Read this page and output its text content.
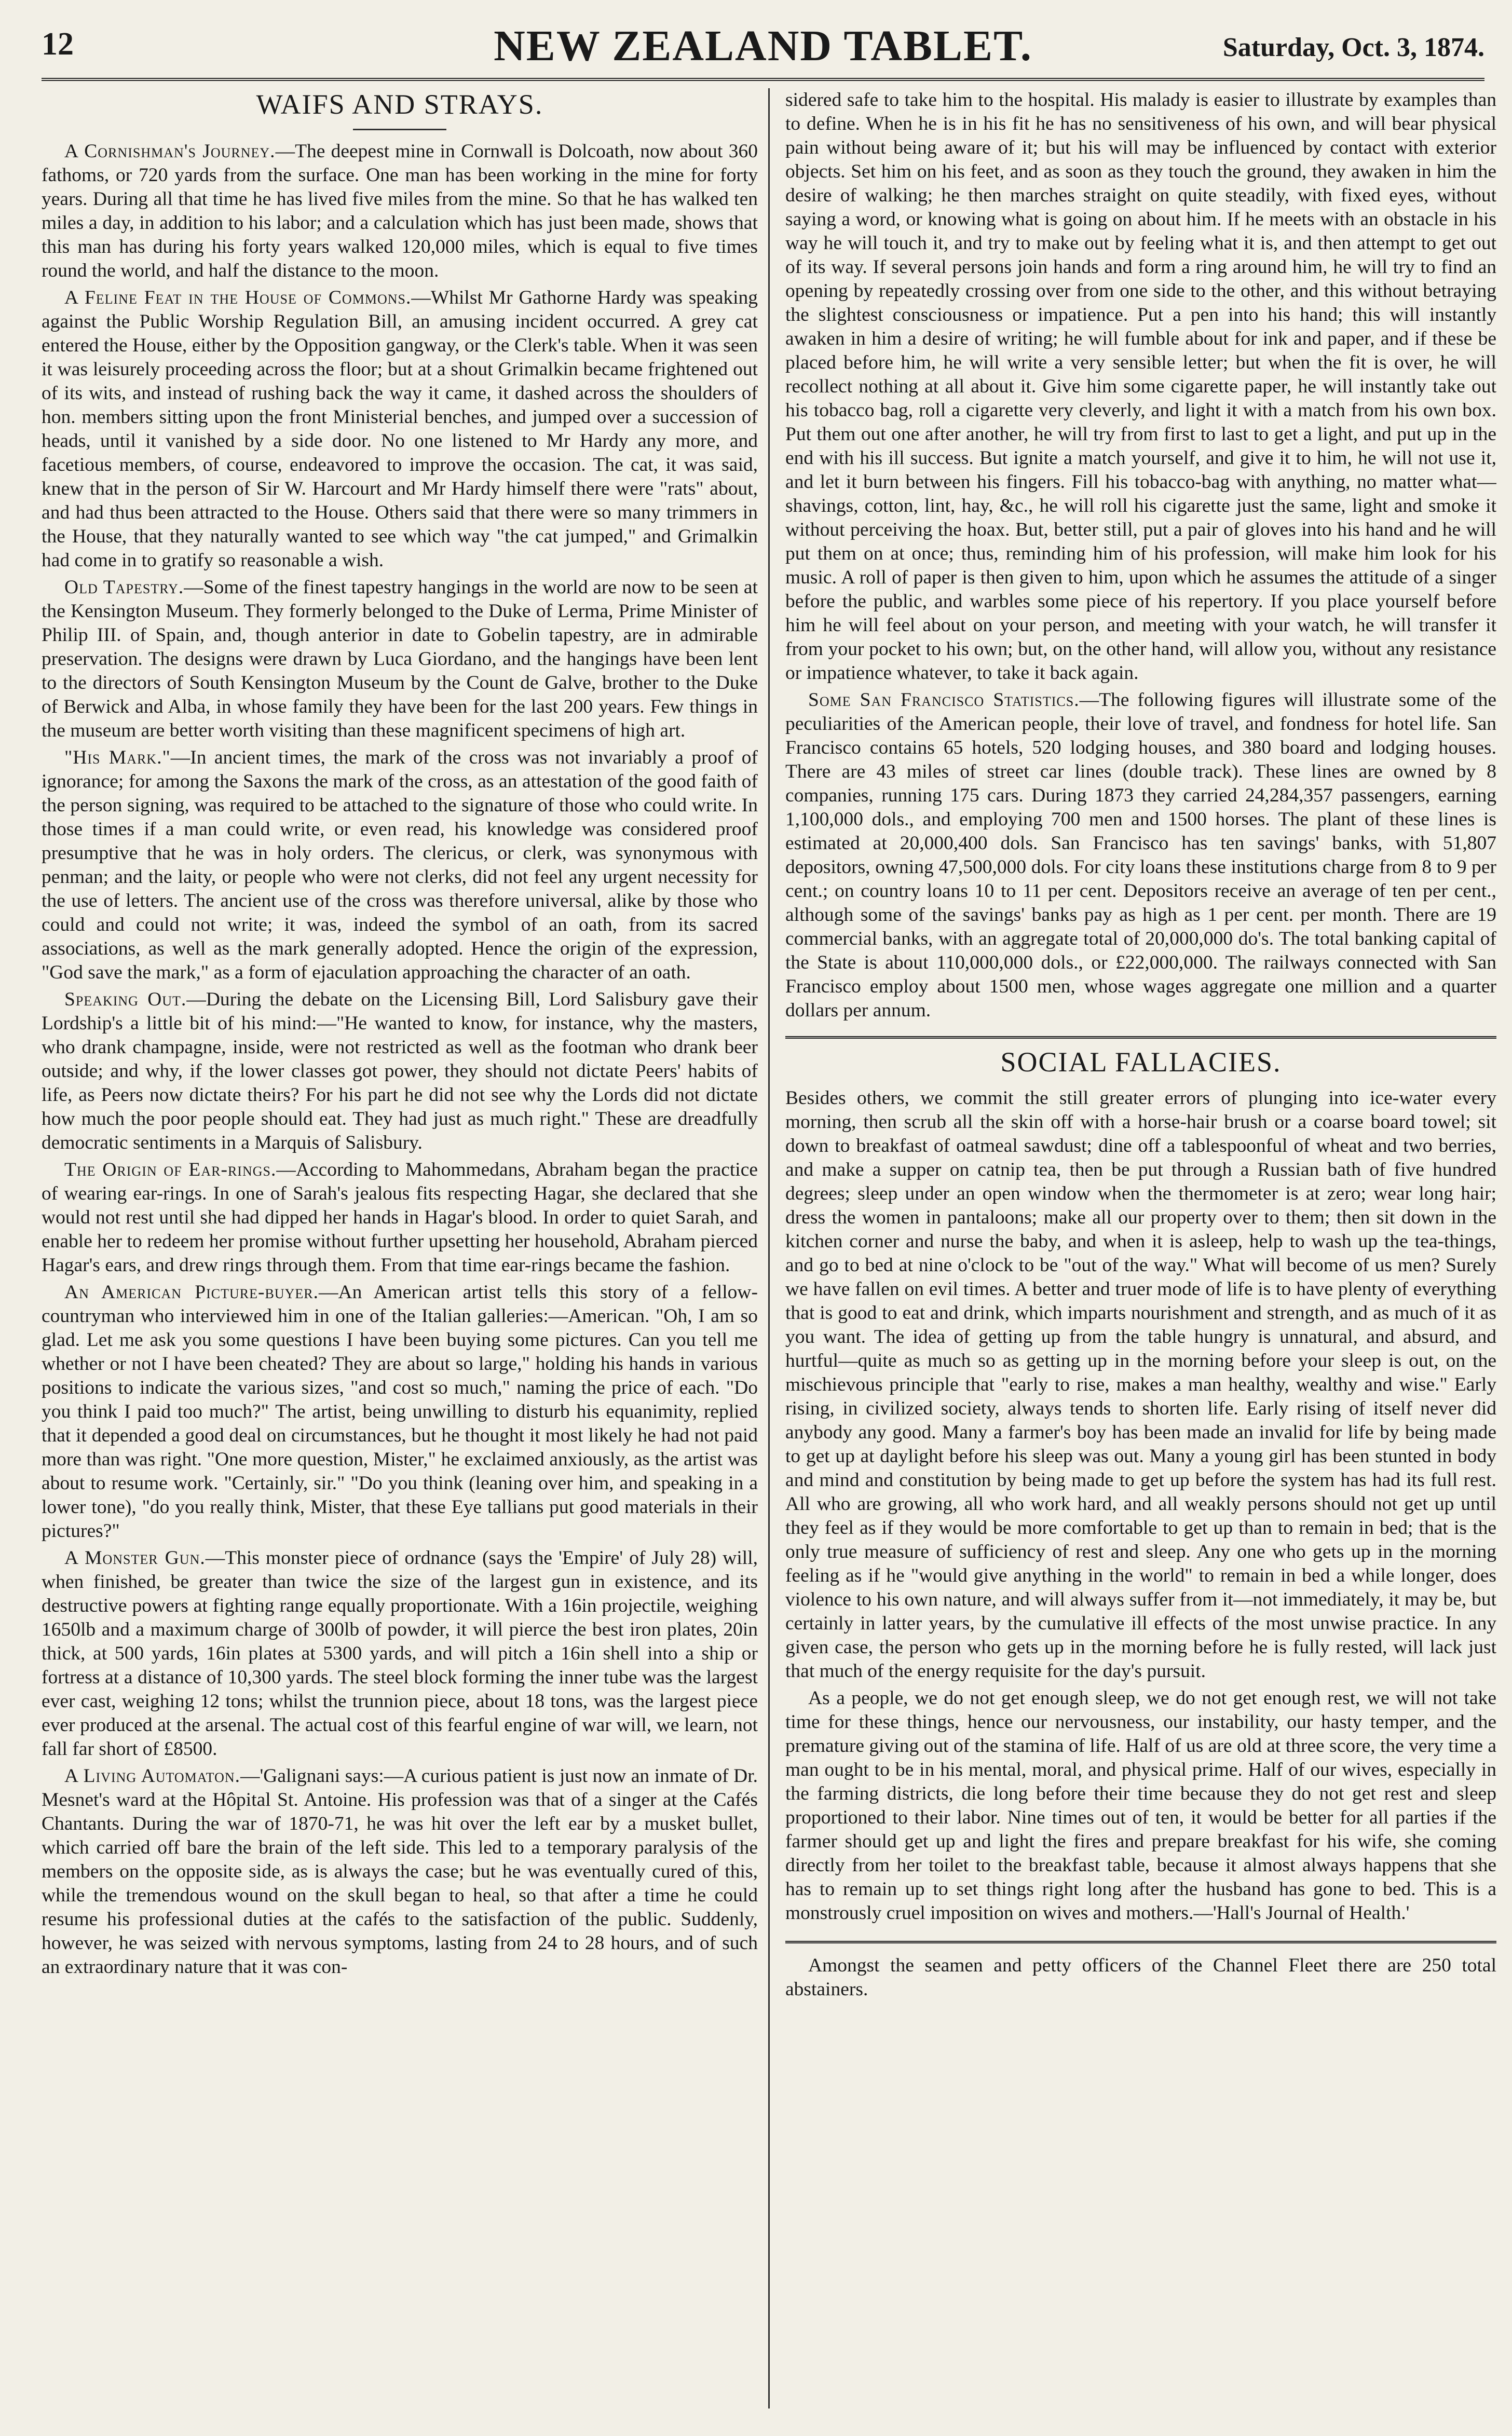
12	NEW ZEALAND TABLET.	Saturday, Oct. 3, 1874.
WAIFS AND STRAYS.

A Cornishman's Journey.—The deepest mine in Cornwall is Dolcoath, now about 360 fathoms, or 720 yards from the surface. One man has been working in the mine for forty years. During all that time he has lived five miles from the mine. So that he has walked ten miles a day, in addition to his labor; and a calculation which has just been made, shows that this man has during his forty years walked 120,000 miles, which is equal to five times round the world, and half the distance to the moon.

A Feline Feat in the House of Commons.—Whilst Mr Gathorne Hardy was speaking against the Public Worship Regulation Bill, an amusing incident occurred. A grey cat entered the House, either by the Opposition gangway, or the Clerk's table. When it was seen it was leisurely proceeding across the floor; but at a shout Grimalkin became frightened out of its wits, and instead of rushing back the way it came, it dashed across the shoulders of hon. members sitting upon the front Ministerial benches, and jumped over a succession of heads, until it vanished by a side door. No one listened to Mr Hardy any more, and facetious members, of course, endeavored to improve the occasion. The cat, it was said, knew that in the person of Sir W. Harcourt and Mr Hardy himself there were "rats" about, and had thus been attracted to the House. Others said that there were so many trimmers in the House, that they naturally wanted to see which way "the cat jumped," and Grimalkin had come in to gratify so reasonable a wish.

Old Tapestry.—Some of the finest tapestry hangings in the world are now to be seen at the Kensington Museum. They formerly belonged to the Duke of Lerma, Prime Minister of Philip III. of Spain, and, though anterior in date to Gobelin tapestry, are in admirable preservation. The designs were drawn by Luca Giordano, and the hangings have been lent to the directors of South Kensington Museum by the Count de Galve, brother to the Duke of Berwick and Alba, in whose family they have been for the last 200 years. Few things in the museum are better worth visiting than these magnificent specimens of high art.

"His Mark."—In ancient times, the mark of the cross was not invariably a proof of ignorance; for among the Saxons the mark of the cross, as an attestation of the good faith of the person signing, was required to be attached to the signature of those who could write. In those times if a man could write, or even read, his knowledge was considered proof presumptive that he was in holy orders. The clericus, or clerk, was synonymous with penman; and the laity, or people who were not clerks, did not feel any urgent necessity for the use of letters. The ancient use of the cross was therefore universal, alike by those who could and could not write; it was, indeed the symbol of an oath, from its sacred associations, as well as the mark generally adopted. Hence the origin of the expression, "God save the mark," as a form of ejaculation approaching the character of an oath.

Speaking Out.—During the debate on the Licensing Bill, Lord Salisbury gave their Lordship's a little bit of his mind:—"He wanted to know, for instance, why the masters, who drank champagne, inside, were not restricted as well as the footman who drank beer outside; and why, if the lower classes got power, they should not dictate Peers' habits of life, as Peers now dictate theirs? For his part he did not see why the Lords did not dictate how much the poor people should eat. They had just as much right." These are dreadfully democratic sentiments in a Marquis of Salisbury.

The Origin of Ear-rings.—According to Mahommedans, Abraham began the practice of wearing ear-rings. In one of Sarah's jealous fits respecting Hagar, she declared that she would not rest until she had dipped her hands in Hagar's blood. In order to quiet Sarah, and enable her to redeem her promise without further upsetting her household, Abraham pierced Hagar's ears, and drew rings through them. From that time ear-rings became the fashion.

An American Picture-buyer.—An American artist tells this story of a fellow-countryman who interviewed him in one of the Italian galleries:—American. "Oh, I am so glad. Let me ask you some questions I have been buying some pictures. Can you tell me whether or not I have been cheated? They are about so large," holding his hands in various positions to indicate the various sizes, "and cost so much," naming the price of each. "Do you think I paid too much?" The artist, being unwilling to disturb his equanimity, replied that it depended a good deal on circumstances, but he thought it most likely he had not paid more than was right. "One more question, Mister," he exclaimed anxiously, as the artist was about to resume work. "Certainly, sir." "Do you think (leaning over him, and speaking in a lower tone), "do you really think, Mister, that these Eye tallians put good materials in their pictures?"

A Monster Gun.—This monster piece of ordnance (says the 'Empire' of July 28) will, when finished, be greater than twice the size of the largest gun in existence, and its destructive powers at fighting range equally proportionate. With a 16in projectile, weighing 1650lb and a maximum charge of 300lb of powder, it will pierce the best iron plates, 20in thick, at 500 yards, 16in plates at 5300 yards, and will pitch a 16in shell into a ship or fortress at a distance of 10,300 yards. The steel block forming the inner tube was the largest ever cast, weighing 12 tons; whilst the trunnion piece, about 18 tons, was the largest piece ever produced at the arsenal. The actual cost of this fearful engine of war will, we learn, not fall far short of £8500.

A Living Automaton.—'Galignani says:—A curious patient is just now an inmate of Dr. Mesnet's ward at the Hôpital St. Antoine. His profession was that of a singer at the Cafés Chantants. During the war of 1870-71, he was hit over the left ear by a musket bullet, which carried off bare the brain of the left side. This led to a temporary paralysis of the members on the opposite side, as is always the case; but he was eventually cured of this, while the tremendous wound on the skull began to heal, so that after a time he could resume his professional duties at the cafés to the satisfaction of the public. Suddenly, however, he was seized with nervous symptoms, lasting from 24 to 28 hours, and of such an extraordinary nature that it was con-

sidered safe to take him to the hospital. His malady is easier to illustrate by examples than to define. When he is in his fit he has no sensitiveness of his own, and will bear physical pain without being aware of it; but his will may be influenced by contact with exterior objects. Set him on his feet, and as soon as they touch the ground, they awaken in him the desire of walking; he then marches straight on quite steadily, with fixed eyes, without saying a word, or knowing what is going on about him. If he meets with an obstacle in his way he will touch it, and try to make out by feeling what it is, and then attempt to get out of its way. If several persons join hands and form a ring around him, he will try to find an opening by repeatedly crossing over from one side to the other, and this without betraying the slightest consciousness or impatience. Put a pen into his hand; this will instantly awaken in him a desire of writing; he will fumble about for ink and paper, and if these be placed before him, he will write a very sensible letter; but when the fit is over, he will recollect nothing at all about it. Give him some cigarette paper, he will instantly take out his tobacco bag, roll a cigarette very cleverly, and light it with a match from his own box. Put them out one after another, he will try from first to last to get a light, and put up in the end with his ill success. But ignite a match yourself, and give it to him, he will not use it, and let it burn between his fingers. Fill his tobacco-bag with anything, no matter what—shavings, cotton, lint, hay, &c., he will roll his cigarette just the same, light and smoke it without perceiving the hoax. But, better still, put a pair of gloves into his hand and he will put them on at once; thus, reminding him of his profession, will make him look for his music. A roll of paper is then given to him, upon which he assumes the attitude of a singer before the public, and warbles some piece of his repertory. If you place yourself before him he will feel about on your person, and meeting with your watch, he will transfer it from your pocket to his own; but, on the other hand, will allow you, without any resistance or impatience whatever, to take it back again.

Some San Francisco Statistics.—The following figures will illustrate some of the peculiarities of the American people, their love of travel, and fondness for hotel life. San Francisco contains 65 hotels, 520 lodging houses, and 380 board and lodging houses. There are 43 miles of street car lines (double track). These lines are owned by 8 companies, running 175 cars. During 1873 they carried 24,284,357 passengers, earning 1,100,000 dols., and employing 700 men and 1500 horses. The plant of these lines is estimated at 20,000,400 dols. San Francisco has ten savings' banks, with 51,807 depositors, owning 47,500,000 dols. For city loans these institutions charge from 8 to 9 per cent.; on country loans 10 to 11 per cent. Depositors receive an average of ten per cent., although some of the savings' banks pay as high as 1 per cent. per month. There are 19 commercial banks, with an aggregate total of 20,000,000 do's. The total banking capital of the State is about 110,000,000 dols., or £22,000,000. The railways connected with San Francisco employ about 1500 men, whose wages aggregate one million and a quarter dollars per annum.

SOCIAL FALLACIES.

Besides others, we commit the still greater errors of plunging into ice-water every morning, then scrub all the skin off with a horse-hair brush or a coarse board towel; sit down to breakfast of oatmeal sawdust; dine off a tablespoonful of wheat and two berries, and make a supper on catnip tea, then be put through a Russian bath of five hundred degrees; sleep under an open window when the thermometer is at zero; wear long hair; dress the women in pantaloons; make all our property over to them; then sit down in the kitchen corner and nurse the baby, and when it is asleep, help to wash up the tea-things, and go to bed at nine o'clock to be "out of the way." What will become of us men? Surely we have fallen on evil times. A better and truer mode of life is to have plenty of everything that is good to eat and drink, which imparts nourishment and strength, and as much of it as you want. The idea of getting up from the table hungry is unnatural, and absurd, and hurtful—quite as much so as getting up in the morning before your sleep is out, on the mischievous principle that "early to rise, makes a man healthy, wealthy and wise." Early rising, in civilized society, always tends to shorten life. Early rising of itself never did anybody any good. Many a farmer's boy has been made an invalid for life by being made to get up at daylight before his sleep was out. Many a young girl has been stunted in body and mind and constitution by being made to get up before the system has had its full rest. All who are growing, all who work hard, and all weakly persons should not get up until they feel as if they would be more comfortable to get up than to remain in bed; that is the only true measure of sufficiency of rest and sleep. Any one who gets up in the morning feeling as if he "would give anything in the world" to remain in bed a while longer, does violence to his own nature, and will always suffer from it—not immediately, it may be, but certainly in latter years, by the cumulative ill effects of the most unwise practice. In any given case, the person who gets up in the morning before he is fully rested, will lack just that much of the energy requisite for the day's pursuit.

As a people, we do not get enough sleep, we do not get enough rest, we will not take time for these things, hence our nervousness, our instability, our hasty temper, and the premature giving out of the stamina of life. Half of us are old at three score, the very time a man ought to be in his mental, moral, and physical prime. Half of our wives, especially in the farming districts, die long before their time because they do not get rest and sleep proportioned to their labor. Nine times out of ten, it would be better for all parties if the farmer should get up and light the fires and prepare breakfast for his wife, she coming directly from her toilet to the breakfast table, because it almost always happens that she has to remain up to set things right long after the husband has gone to bed. This is a monstrously cruel imposition on wives and mothers.—'Hall's Journal of Health.'

Amongst the seamen and petty officers of the Channel Fleet there are 250 total abstainers.
